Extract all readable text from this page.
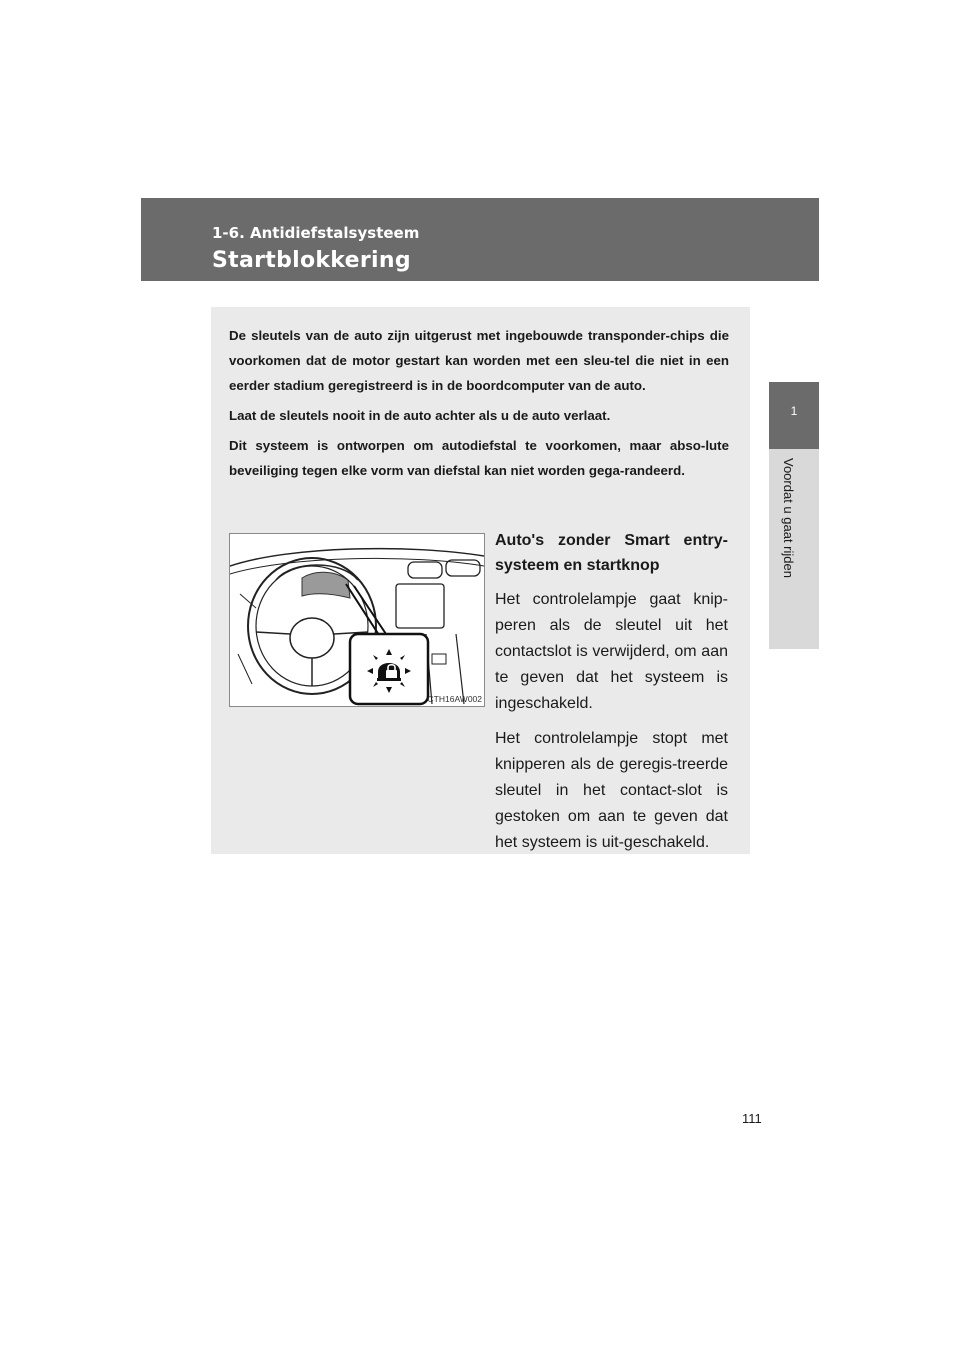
1-6. Antidiefstalsysteem
Startblokkering
1
Voordat u gaat rijden

De sleutels van de auto zijn uitgerust met ingebouwde transponder-chips die voorkomen dat de motor gestart kan worden met een sleu-tel die niet in een eerder stadium geregistreerd is in de boordcomputer van de auto.

Laat de sleutels nooit in de auto achter als u de auto verlaat.

Dit systeem is ontworpen om autodiefstal te voorkomen, maar abso-lute beveiliging tegen elke vorm van diefstal kan niet worden gega-randeerd.

CTH16AW002
Auto's zonder Smart entry-systeem en startknop
Het controlelampje gaat knip-peren als de sleutel uit het contactslot is verwijderd, om aan te geven dat het systeem is ingeschakeld.
Het controlelampje stopt met knipperen als de geregis-treerde sleutel in het contact-slot is gestoken om aan te geven dat het systeem is uit-geschakeld.
111
